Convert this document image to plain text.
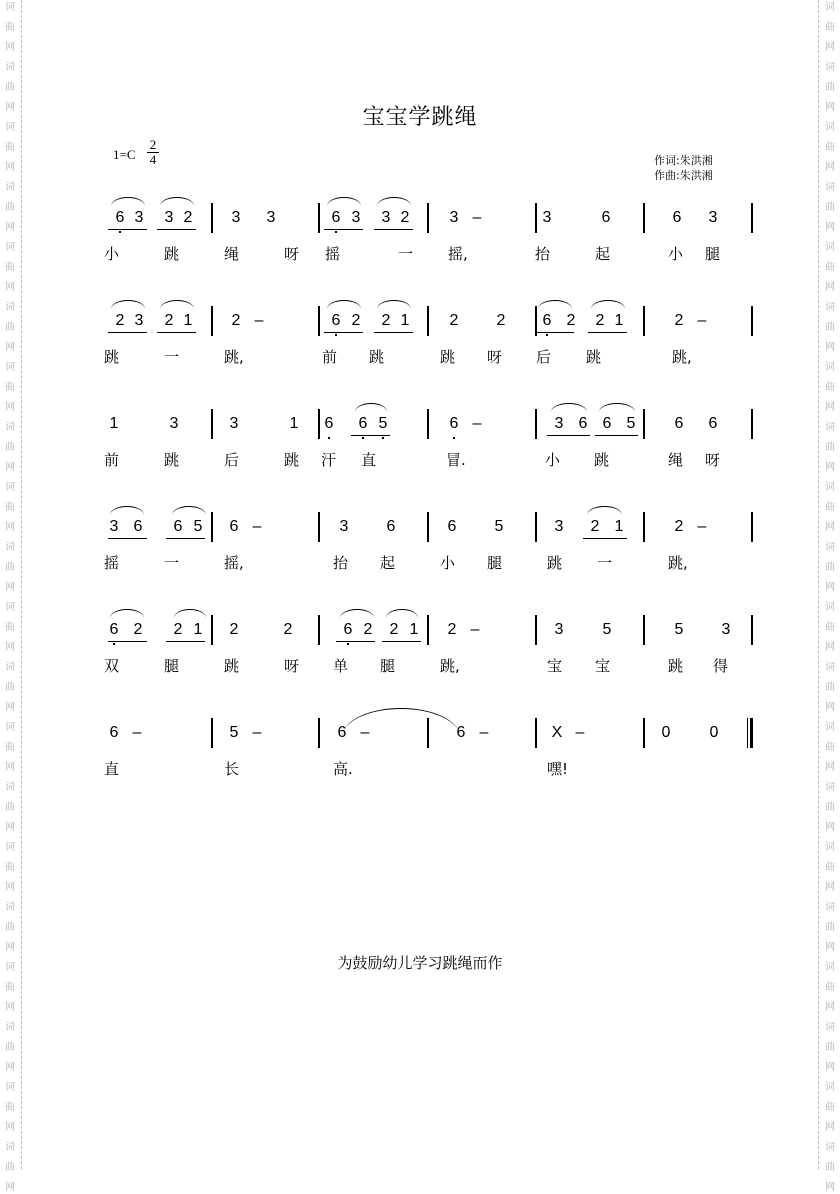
词

曲

网
词

曲

网
词

曲

网
词

曲

网
词

曲

网
词

曲

网
词

曲

网
词

曲

网
词

曲

网
词

曲

网
词

曲

网
词

曲

网
词

曲

网
词

曲

网
词

曲

网
词

曲

网
词

曲

网
词

曲

网
词

曲

网
词

曲

网
词

曲

网
词

曲

网
词

曲

网
词

曲

网
词

曲

网
词

曲

网
词

曲

网
词

曲

网
词

曲

网
词

曲

网
词

曲

网
词

曲

网
词

曲

网
词

曲

网
词

曲

网
词

曲

网
词

曲

网
词

曲

网
词

曲

网
词

曲

网
宝宝学跳绳
$1=C \frac{2}{4}$	作词:朱洪湘
作曲:朱洪湘
6 3 3 2 3 3	6 3 3 2	3 –	3	6	6 3
小	跳	绳	呀 摇	一 摇,	抬	起	小 腿
2 3 2 1 2 –	6 2 2 1	2 2 6 2 2 1	2 –
跳	一	跳,	前 跳	跳 呀 后 跳	跳,
1	3	3	1 6 6 5	6 –	3 6 6 5 6 6
前	跳	后	跳 汗 直	冒.	小 跳	绳 呀
3 6 6 5 6 –	3 6	6 5	3 2 1	2 –
摇	一	摇,	抬 起	小 腿	跳 一	跳,
6 2 2 1 2	2	6 2 2 1 2 –	3 5	5 3
双	腿	跳	呀 单 腿	跳,	宝 宝	跳 得
6 –	5 –	6 –	6 –	X –	0 0
直	长	高.	嘿!
为鼓励幼儿学习跳绳而作
